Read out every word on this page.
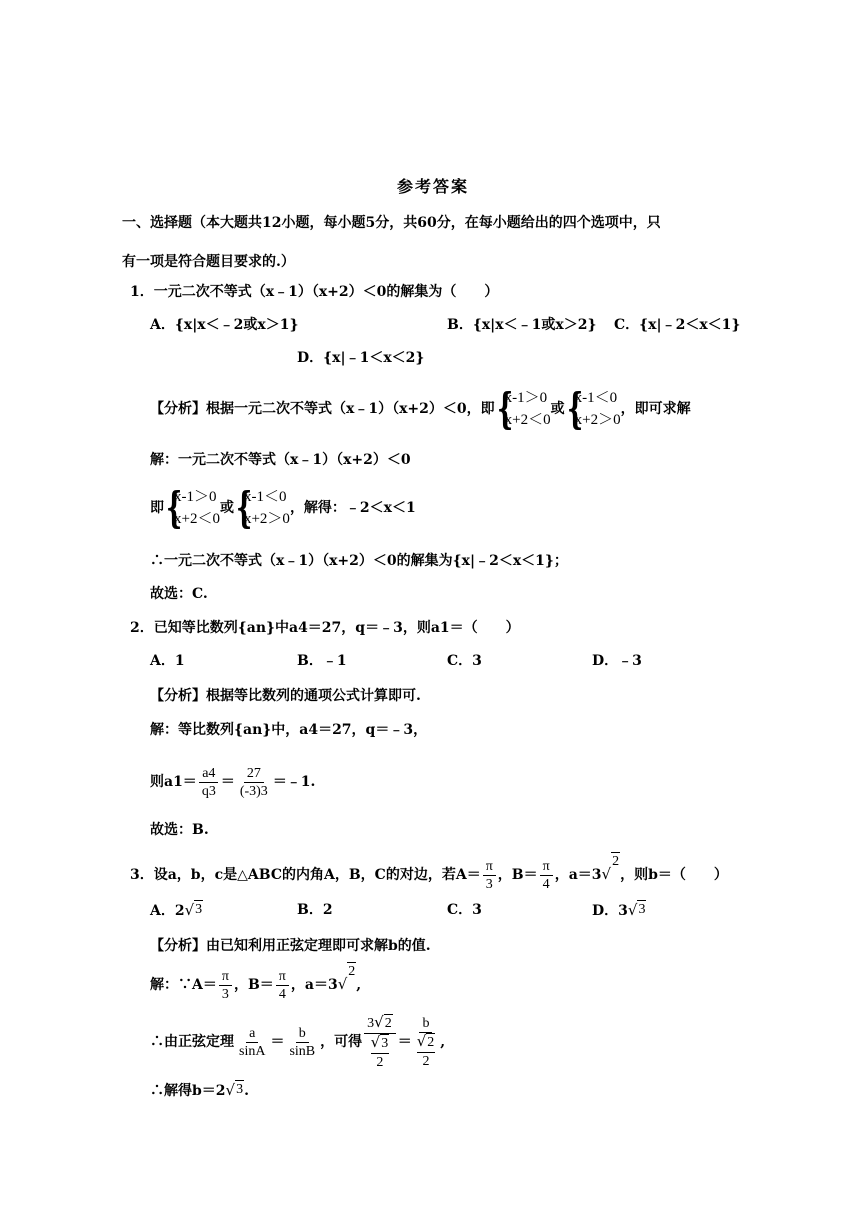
参考答案
一、选择题（本大题共12小题，每小题5分，共60分，在每小题给出的四个选项中，只
有一项是符合题目要求的.）
1．一元二次不等式（x﹣1）（x+2）＜0的解集为（　　）
A．{x|x＜﹣2或x＞1}	B．{x|x＜﹣1或x＞2} C．{x|﹣2＜x＜1}
D．{x|﹣1＜x＜2}
【分析】根据一元二次不等式（x﹣1）（x+2）＜0，即 {
x-1＞0
x+2＜0
或 {
x-1＜0
x+2＞0
，即可求解
解：一元二次不等式（x﹣1）（x+2）＜0
即 {
x-1＞0
x+2＜0
或 {
x-1＜0
x+2＞0
，解得：﹣2＜x＜1
∴一元二次不等式（x﹣1）（x+2）＜0的解集为{x|﹣2＜x＜1}；
故选：C.
2．已知等比数列{an}中a4＝27，q＝﹣3，则a1＝（　　）
A．1	B．﹣1	C．3	D．﹣3
【分析】根据等比数列的通项公式计算即可.
解：等比数列{an}中，a4＝27，q＝﹣3，
则$a1= \frac{a4}{q3} = \frac{27}{(-3)3}$ ＝﹣1.
故选：B.
3．设a，b，c是△ABC的内角A，B，C的对边，若$A= \frac{\pi}{3}$ ，$B= \frac{\pi}{4}$ ，a＝3 √
2
，则b＝（　　）
A．2 √ 3	B．2	C．3	D．3 √ 3
【分析】由已知利用正弦定理即可求解b的值.
解：∵A＝ $\frac{\pi}{3}$ ，$B= \frac{\pi}{4}$ ，a＝3 √
2
,
∴由正弦定理 $\frac{a}{\sin A} = \frac{b}{\sin B}$ ，可得 3 √ 2
√ 3
2 ＝ b
√ 2
2 ,
∴解得b＝2 √ 3 .
